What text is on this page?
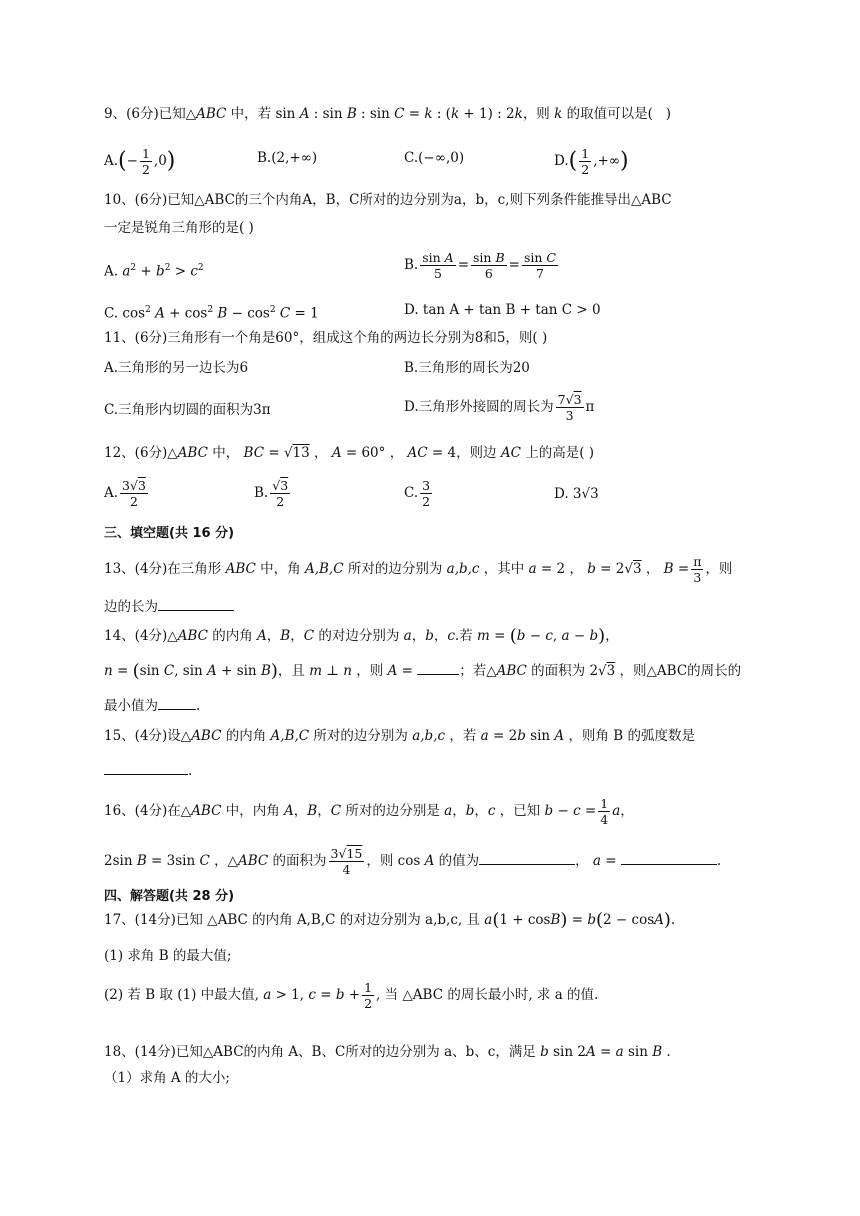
9、(6分)已知△ABC 中，若 sin A : sin B : sin C = k : (k + 1) : 2k，则 k 的取值可以是(   )
$A.(- \frac{1}{2} ,0)$	B.(2,+∞)	C.(−∞,0)	$D.( \frac{1}{2}$ ,+∞)
10、(6分)已知△ABC的三个内角A，B，C所对的边分别为a，b，c,则下列条件能推导出△ABC
一定是锐角三角形的是( )
A. $a^2 + b^2 > c^2$	B. $\frac{\text{sin A}}{5} = \frac{\text{sin B}}{6} = \frac{\text{sin C}}{7}$
C. $\cos^2 A + \cos^2 B - \cos^2 C = 1$	D. tan A + tan B + tan C > 0
11、(6分)三角形有一个角是60°，组成这个角的两边长分别为8和5，则( )
A.三角形的另一边长为6	B.三角形的周长为20
C.三角形内切圆的面积为3π	D.三角形外接圆的周长为 $\frac{7√3}{3}$ π
12、(6分)△ABC 中， BC = √13 ， A = 60° ， AC = 4，则边 AC 上的高是( )
A. $\frac{3√3}{2}$	B. $\frac{√3}{2}$	C. $\frac{3}{2}$	D. 3√3
三、填空题(共 16 分)
13、(4分)在三角形 ABC 中，角 A,B,C 所对的边分别为 a,b,c ，其中 a = 2 ， b = 2√3 ， $B = \frac{\pi}{3}$ ，则
边的长为
14、(4分)△ABC 的内角 A，B，C 的对边分别为 a，b，c.若 m = (b − c, a − b)，
n = (sin C, sin A + sin B)，且 m ⊥ n ，则 A =	；若△ABC 的面积为 2√3 ，则△ABC的周长的
最小值为	.
15、(4分)设△ABC 的内角 A,B,C 所对的边分别为 a,b,c ，若 a = 2b sin A ，则角 B 的弧度数是
.
16、(4分)在△ABC 中，内角 A，B，C 所对的边分别是 a，b，c ，已知 $b - c = \frac{1}{4}$ a，
2sin B = 3sin C ，△ABC 的面积为 $\frac{3√15}{4}$ ，则 cos A 的值为	， a =	.
四、解答题(共 28 分)
17、(14分)已知 △ABC 的内角 A,B,C 的对边分别为 a,b,c, 且 a(1 + cosB) = b(2 − cosA).
(1) 求角 B 的最大值;
(2) 若 B 取 (1) 中最大值, a > 1, $c = b + \frac{1}{2}$ , 当 △ABC 的周长最小时, 求 a 的值.
18、(14分)已知△ABC的内角 A、B、C所对的边分别为 a、b、c，满足 b sin 2A = a sin B .
（1）求角 A 的大小;
